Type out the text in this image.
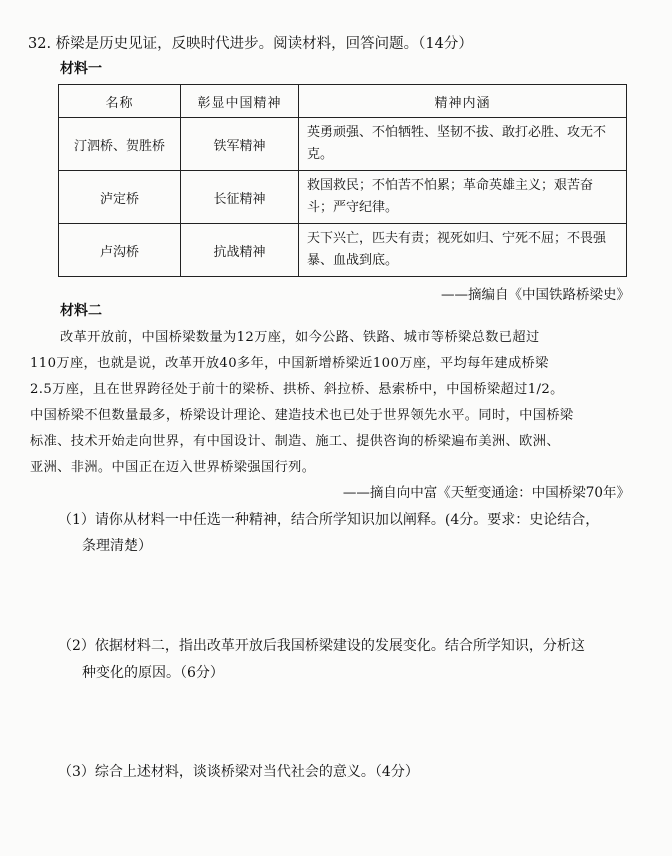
32. 桥梁是历史见证，反映时代进步。阅读材料，回答问题。（14分）
材料一
名称	彰显中国精神	精神内涵
汀泗桥、贺胜桥	铁军精神	英勇顽强、不怕牺牲、坚韧不拔、敢打必胜、攻无不克。
泸定桥	长征精神	救国救民；不怕苦不怕累；革命英雄主义；艰苦奋斗；严守纪律。
卢沟桥	抗战精神	天下兴亡，匹夫有责；视死如归、宁死不屈；不畏强暴、血战到底。
——摘编自《中国铁路桥梁史》
材料二
改革开放前，中国桥梁数量为12万座，如今公路、铁路、城市等桥梁总数已超过
110万座，也就是说，改革开放40多年，中国新增桥梁近100万座，平均每年建成桥梁
2.5万座，且在世界跨径处于前十的梁桥、拱桥、斜拉桥、悬索桥中，中国桥梁超过1/2。
中国桥梁不但数量最多，桥梁设计理论、建造技术也已处于世界领先水平。同时，中国桥梁
标准、技术开始走向世界，有中国设计、制造、施工、提供咨询的桥梁遍布美洲、欧洲、
亚洲、非洲。中国正在迈入世界桥梁强国行列。
——摘自向中富《天堑变通途：中国桥梁70年》
（1）请你从材料一中任选一种精神，结合所学知识加以阐释。(4分。要求：史论结合，
条理清楚）
（2）依据材料二，指出改革开放后我国桥梁建设的发展变化。结合所学知识，分析这
种变化的原因。（6分）
（3）综合上述材料，谈谈桥梁对当代社会的意义。（4分）
